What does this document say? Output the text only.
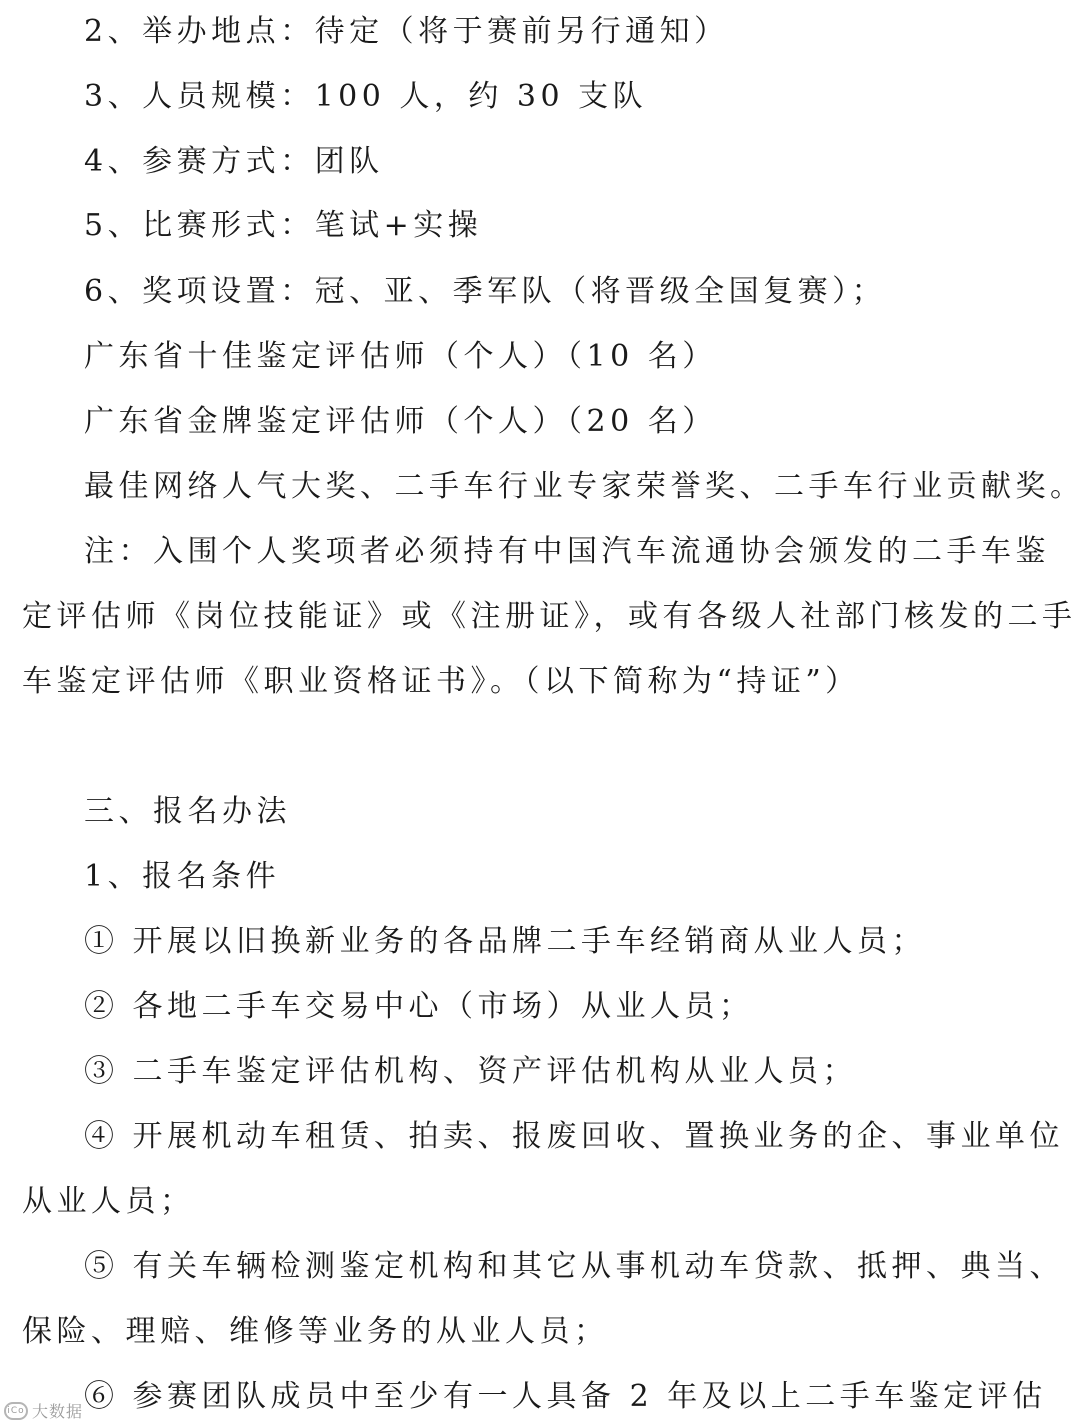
2、举办地点：待定（将于赛前另行通知）
3、人员规模：100 人，约 30 支队
4、参赛方式：团队
5、比赛形式：笔试+实操
6、奖项设置：冠、亚、季军队（将晋级全国复赛）；
广东省十佳鉴定评估师（个人）（10 名）
广东省金牌鉴定评估师（个人）（20 名）
最佳网络人气大奖、二手车行业专家荣誉奖、二手车行业贡献奖。
注：入围个人奖项者必须持有中国汽车流通协会颁发的二手车鉴
定评估师《岗位技能证》或《注册证》，或有各级人社部门核发的二手
车鉴定评估师《职业资格证书》。（以下简称为“持证”）
三、报名办法
1、报名条件
① 开展以旧换新业务的各品牌二手车经销商从业人员；
② 各地二手车交易中心（市场）从业人员；
③ 二手车鉴定评估机构、资产评估机构从业人员；
④ 开展机动车租赁、拍卖、报废回收、置换业务的企、事业单位
从业人员；
⑤ 有关车辆检测鉴定机构和其它从事机动车贷款、抵押、典当、
保险、理赔、维修等业务的从业人员；
⑥ 参赛团队成员中至少有一人具备 2 年及以上二手车鉴定评估
iCo 大数据
